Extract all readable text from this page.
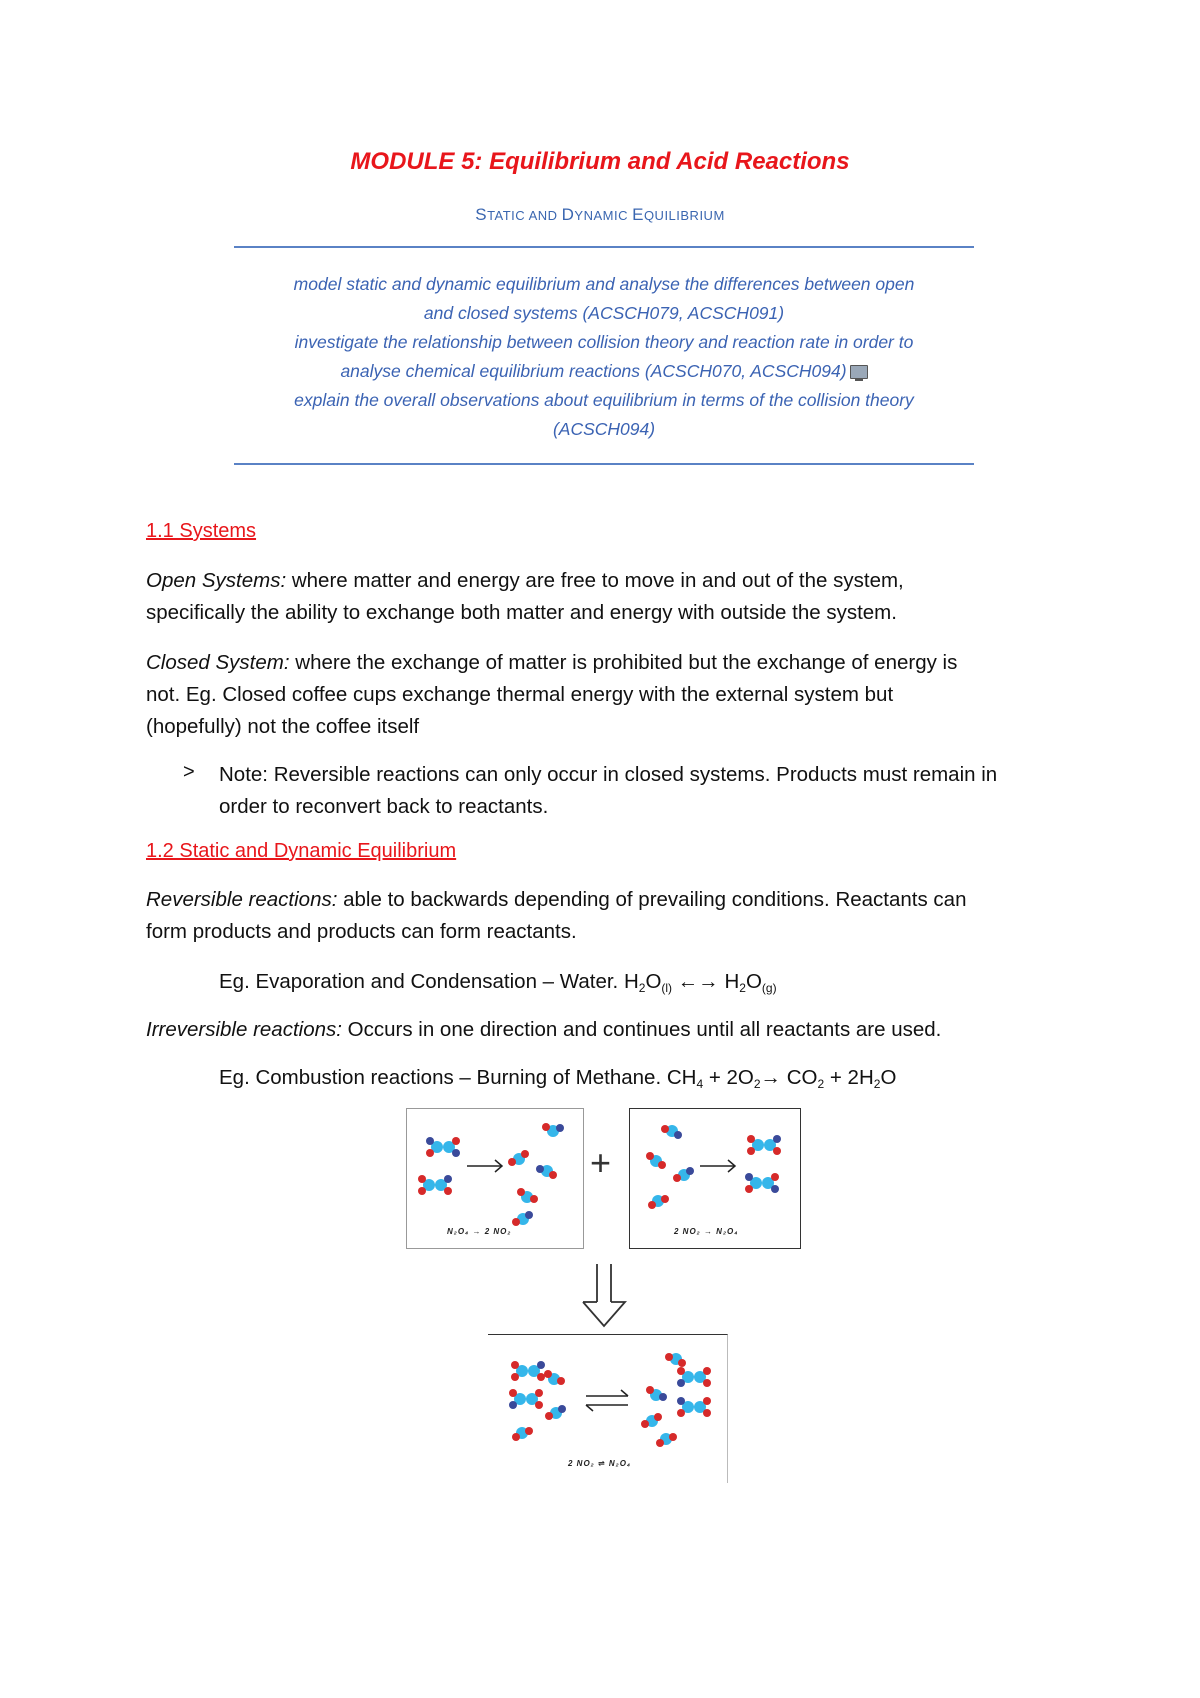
MODULE 5: Equilibrium and Acid Reactions
STATIC AND DYNAMIC EQUILIBRIUM
model static and dynamic equilibrium and analyse the differences between open
and closed systems (ACSCH079, ACSCH091)
investigate the relationship between collision theory and reaction rate in order to
analyse chemical equilibrium reactions (ACSCH070, ACSCH094)
explain the overall observations about equilibrium in terms of the collision theory
(ACSCH094)
1.1 Systems
Open Systems: where matter and energy are free to move in and out of the system,
specifically the ability to exchange both matter and energy with outside the system.
Closed System: where the exchange of matter is prohibited but the exchange of energy is
not. Eg. Closed coffee cups exchange thermal energy with the external system but
(hopefully) not the coffee itself
> Note: Reversible reactions can only occur in closed systems. Products must remain in
order to reconvert back to reactants.
1.2 Static and Dynamic Equilibrium
Reversible reactions: able to backwards depending of prevailing conditions. Reactants can
form products and products can form reactants.
Eg. Evaporation and Condensation – Water. $H_2O_{(l)}$ ←→ $H_2O_{(g)}$
Irreversible reactions: Occurs in one direction and continues until all reactants are used.
Eg. Combustion reactions – Burning of Methane. $CH_4 + 2O_2\to CO_2 + 2H_2O$
N₂O₄ → 2 NO₂
+
2 NO₂ → N₂O₄
2 NO₂ ⇌ N₂O₄
